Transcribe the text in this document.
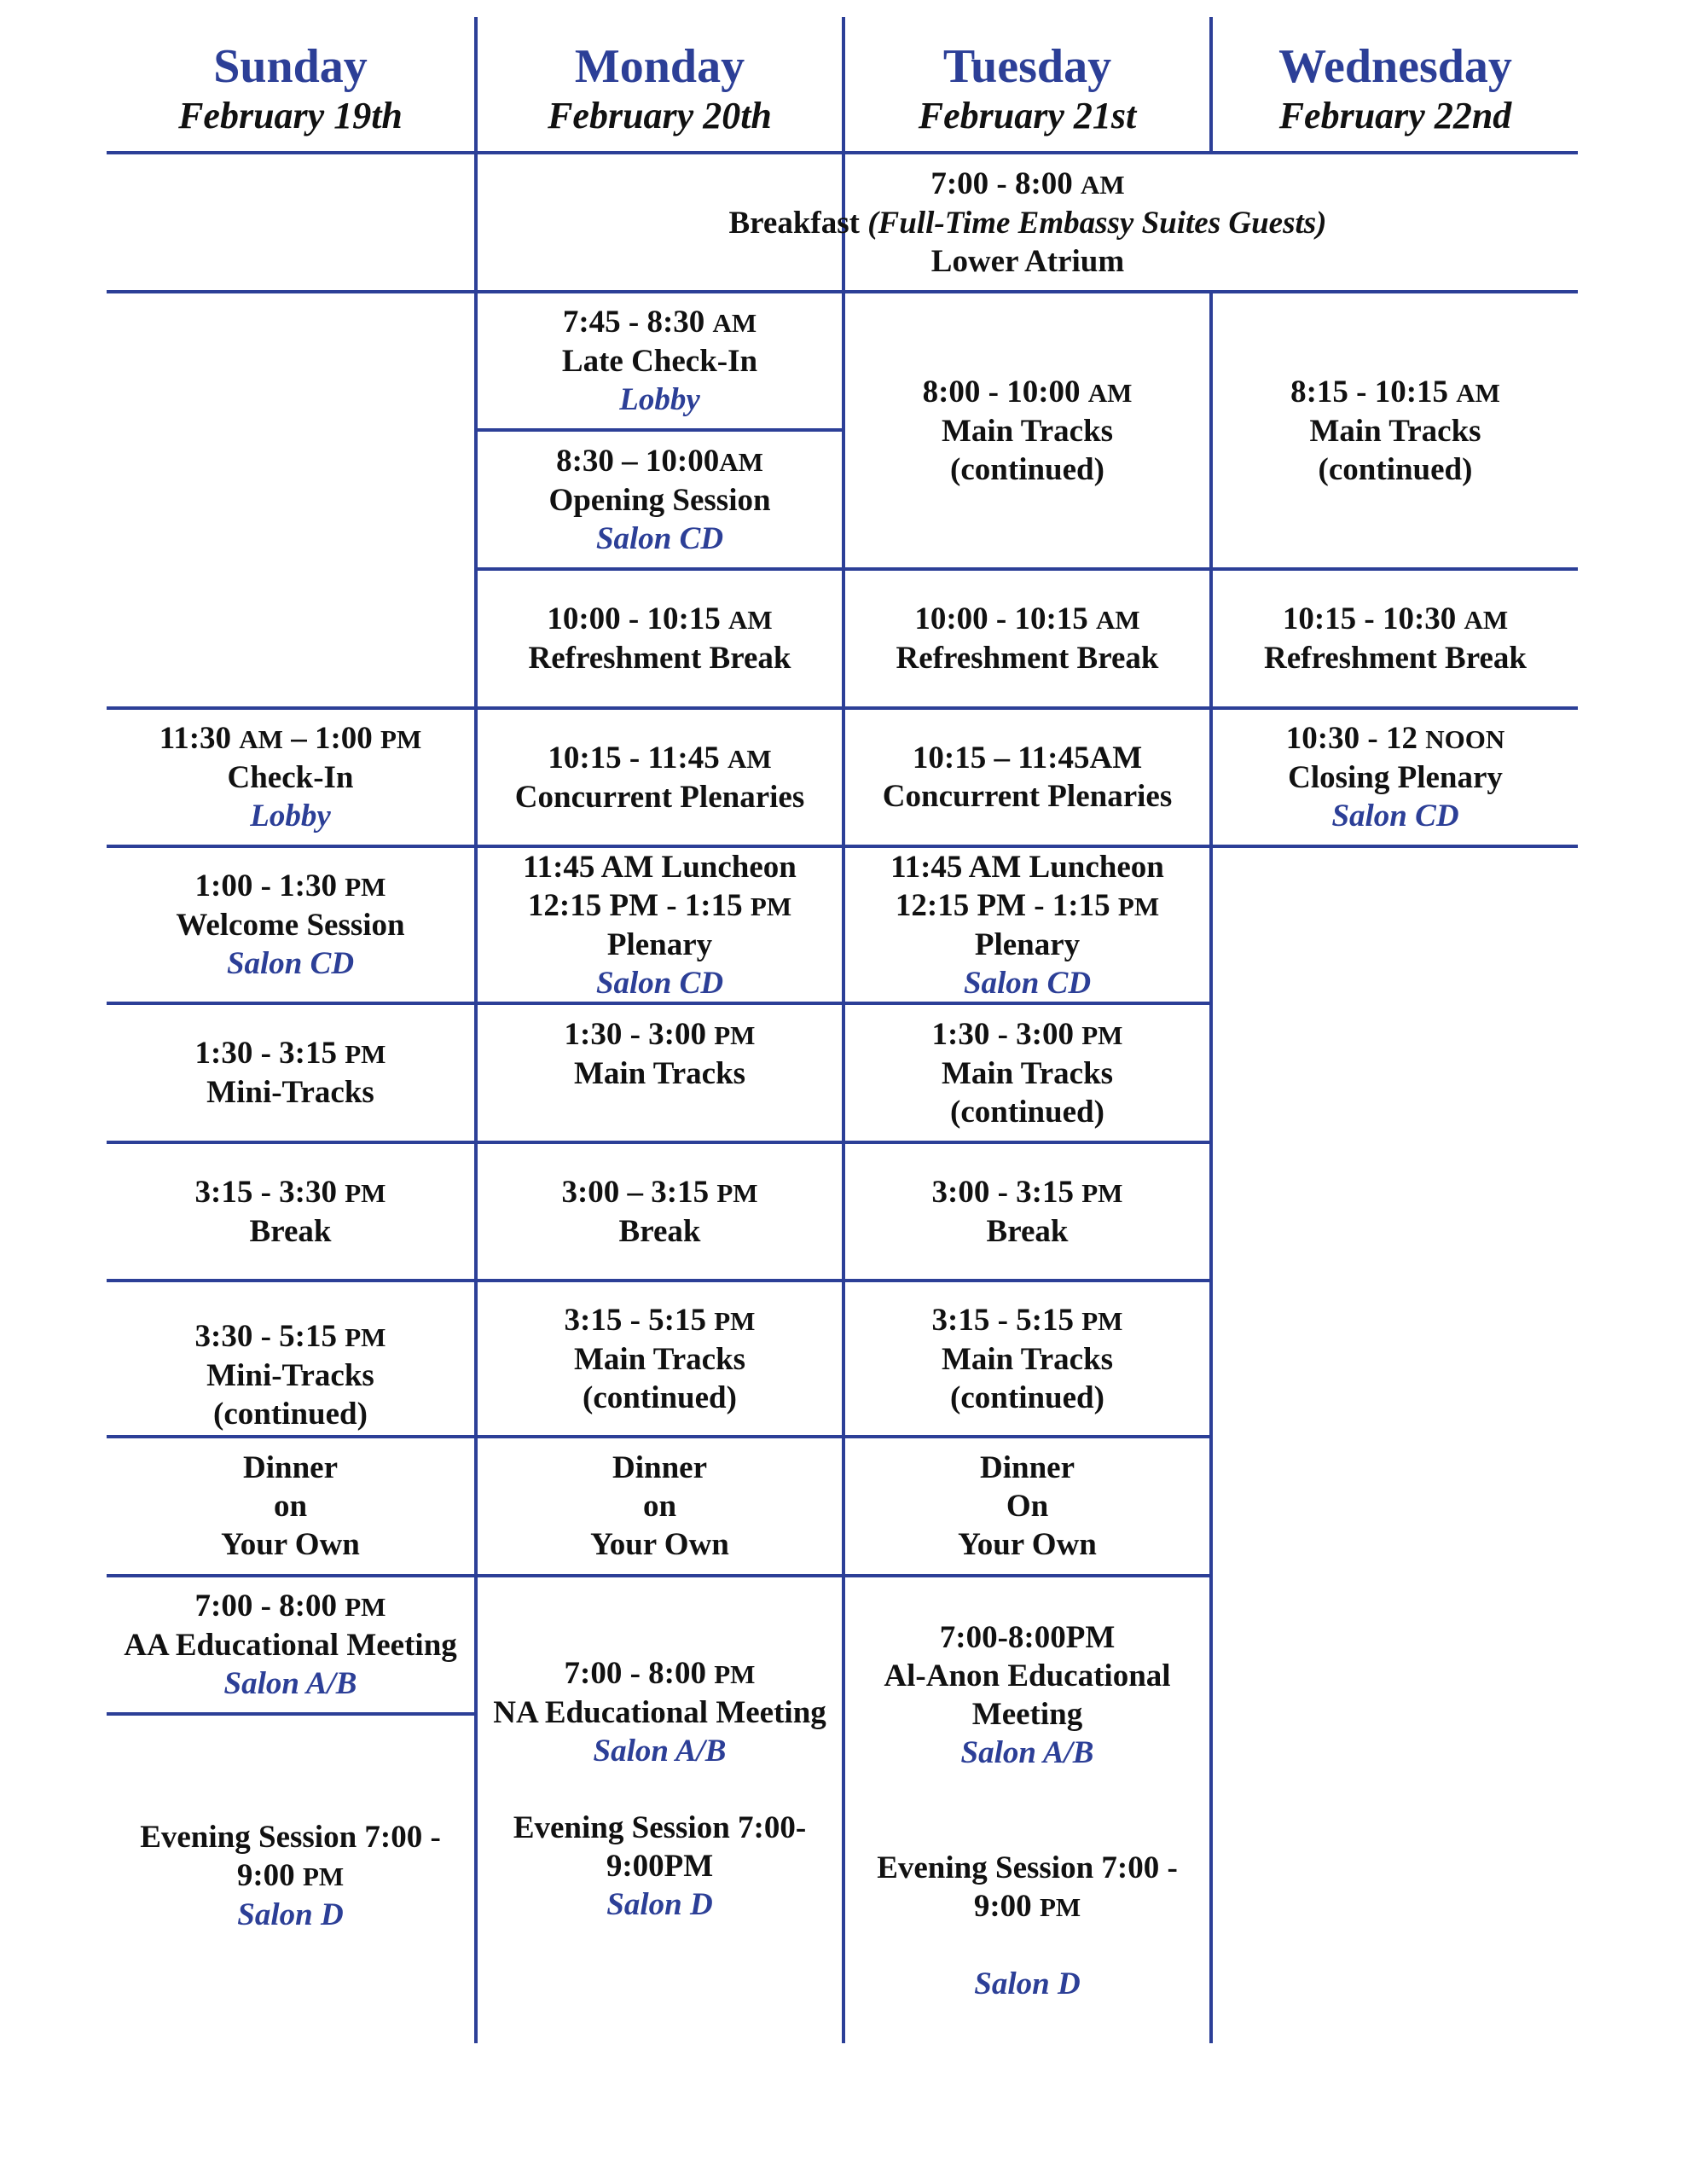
Sunday
February 19th
Monday
February 20th
Tuesday
February 21st
Wednesday
February 22nd
7:00 - 8:00 AM
Breakfast (Full-Time Embassy Suites Guests)
Lower Atrium
7:45 - 8:30 AM
Late Check-In
Lobby
8:30 – 10:00AM
Opening Session
Salon CD
10:00 - 10:15 AM
Refreshment Break
10:15 - 11:45 AM
Concurrent Plenaries
11:45 AM Luncheon
12:15 PM - 1:15 PM
Plenary
Salon CD
1:30 - 3:00 PM
Main Tracks
3:00 – 3:15 PM
Break
3:15 - 5:15 PM
Main Tracks
(continued)
Dinner
on
Your Own
7:00 - 8:00 PM
NA Educational Meeting
Salon A/B
Evening Session 7:00-
9:00PM
Salon D
8:00 - 10:00 AM
Main Tracks
(continued)
10:00 - 10:15 AM
Refreshment Break
10:15 – 11:45AM
Concurrent Plenaries
11:45 AM Luncheon
12:15 PM - 1:15 PM
Plenary
Salon CD
1:30 - 3:00 PM
Main Tracks
(continued)
3:00 - 3:15 PM
Break
3:15 - 5:15 PM
Main Tracks
(continued)
Dinner
On
Your Own
7:00-8:00PM
Al-Anon Educational
Meeting
Salon A/B
Evening Session 7:00 -
9:00 PM
Salon D
8:15 - 10:15 AM
Main Tracks
(continued)
10:15 - 10:30 AM
Refreshment Break
10:30 - 12 NOON
Closing Plenary
Salon CD
11:30 AM – 1:00 PM
Check-In
Lobby
1:00 - 1:30 PM
Welcome Session
Salon CD
1:30 - 3:15 PM
Mini-Tracks
3:15 - 3:30 PM
Break
3:30 - 5:15 PM
Mini-Tracks
(continued)
Dinner
on
Your Own
7:00 - 8:00 PM
AA Educational Meeting
Salon A/B
Evening Session 7:00 -
9:00 PM
Salon D
